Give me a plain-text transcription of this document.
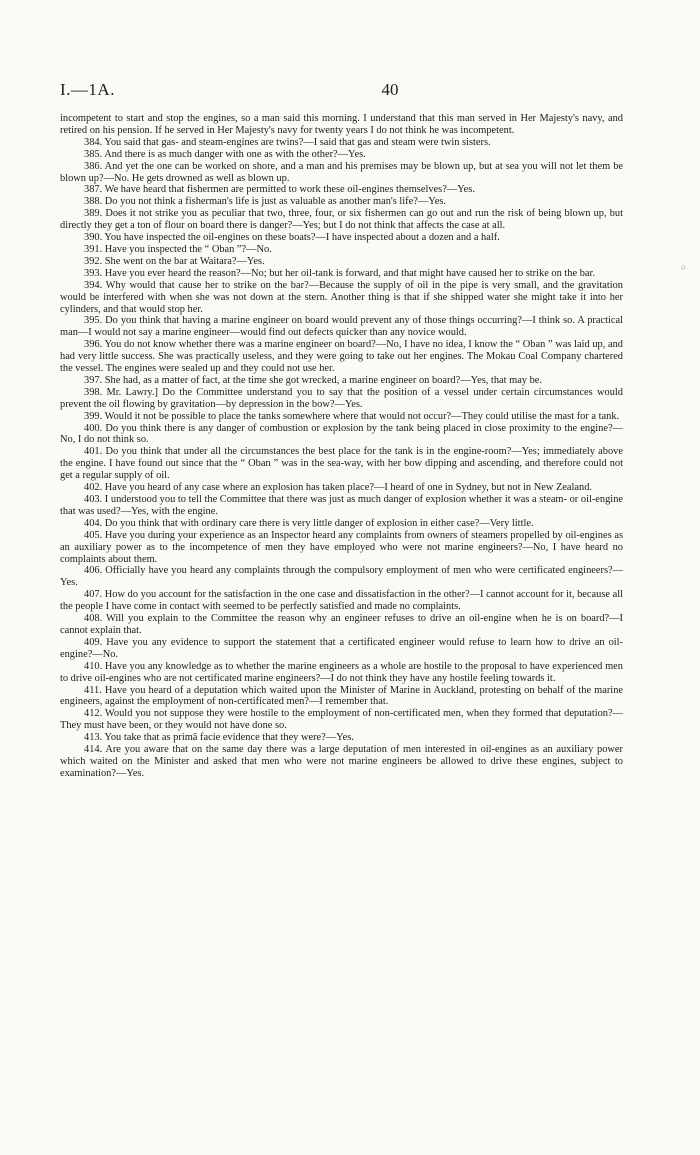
40
I.—1A.
○

incompetent to start and stop the engines, so a man said this morning. I understand that this man served in Her Majesty's navy, and retired on his pension. If he served in Her Majesty's navy for twenty years I do not think he was incompetent.

384. You said that gas- and steam-engines are twins?—I said that gas and steam were twin sisters.

385. And there is as much danger with one as with the other?—Yes.

386. And yet the one can be worked on shore, and a man and his premises may be blown up, but at sea you will not let them be blown up?—No. He gets drowned as well as blown up.

387. We have heard that fishermen are permitted to work these oil-engines themselves?—Yes.

388. Do you not think a fisherman's life is just as valuable as another man's life?—Yes.

389. Does it not strike you as peculiar that two, three, four, or six fishermen can go out and run the risk of being blown up, but directly they get a ton of flour on board there is danger?—Yes; but I do not think that affects the case at all.

390. You have inspected the oil-engines on these boats?—I have inspected about a dozen and a half.

391. Have you inspected the “ Oban ”?—No.

392. She went on the bar at Waitara?—Yes.

393. Have you ever heard the reason?—No; but her oil-tank is forward, and that might have caused her to strike on the bar.

394. Why would that cause her to strike on the bar?—Because the supply of oil in the pipe is very small, and the gravitation would be interfered with when she was not down at the stern. Another thing is that if she shipped water she might take it into her cylinders, and that would stop her.

395. Do you think that having a marine engineer on board would prevent any of those things occurring?—I think so. A practical man—I would not say a marine engineer—would find out defects quicker than any novice would.

396. You do not know whether there was a marine engineer on board?—No, I have no idea, I know the “ Oban ” was laid up, and had very little success. She was practically useless, and they were going to take out her engines. The Mokau Coal Company chartered the vessel. The engines were sealed up and they could not use her.

397. She had, as a matter of fact, at the time she got wrecked, a marine engineer on board?—Yes, that may be.

398. Mr. Lawry.] Do the Committee understand you to say that the position of a vessel under certain circumstances would prevent the oil flowing by gravitation—by depression in the bow?—Yes.

399. Would it not be possible to place the tanks somewhere where that would not occur?—They could utilise the mast for a tank.

400. Do you think there is any danger of combustion or explosion by the tank being placed in close proximity to the engine?—No, I do not think so.

401. Do you think that under all the circumstances the best place for the tank is in the engine-room?—Yes; immediately above the engine. I have found out since that the “ Oban ” was in the sea-way, with her bow dipping and ascending, and therefore could not get a regular supply of oil.

402. Have you heard of any case where an explosion has taken place?—I heard of one in Sydney, but not in New Zealand.

403. I understood you to tell the Committee that there was just as much danger of explosion whether it was a steam- or oil-engine that was used?—Yes, with the engine.

404. Do you think that with ordinary care there is very little danger of explosion in either case?—Very little.

405. Have you during your experience as an Inspector heard any complaints from owners of steamers propelled by oil-engines as an auxiliary power as to the incompetence of men they have employed who were not marine engineers?—No, I have heard no complaints about them.

406. Officially have you heard any complaints through the compulsory employment of men who were certificated engineers?—Yes.

407. How do you account for the satisfaction in the one case and dissatisfaction in the other?—I cannot account for it, because all the people I have come in contact with seemed to be perfectly satisfied and made no complaints.

408. Will you explain to the Committee the reason why an engineer refuses to drive an oil-engine when he is on board?—I cannot explain that.

409. Have you any evidence to support the statement that a certificated engineer would refuse to learn how to drive an oil-engine?—No.

410. Have you any knowledge as to whether the marine engineers as a whole are hostile to the proposal to have experienced men to drive oil-engines who are not certificated marine engineers?—I do not think they have any hostile feeling towards it.

411. Have you heard of a deputation which waited upon the Minister of Marine in Auckland, protesting on behalf of the marine engineers, against the employment of non-certificated men?—I remember that.

412. Would you not suppose they were hostile to the employment of non-certificated men, when they formed that deputation?—They must have been, or they would not have done so.

413. You take that as primâ facie evidence that they were?—Yes.

414. Are you aware that on the same day there was a large deputation of men interested in oil-engines as an auxiliary power which waited on the Minister and asked that men who were not marine engineers be allowed to drive these engines, subject to examination?—Yes.
